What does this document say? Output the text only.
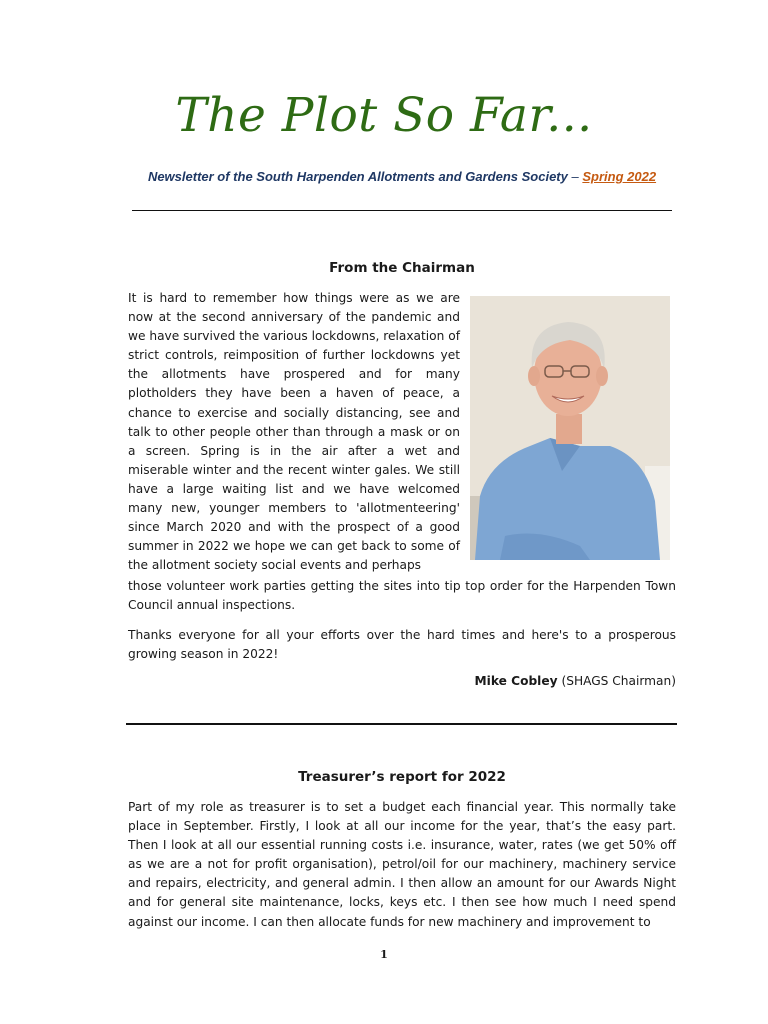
The Plot So Far...
Newsletter of the South Harpenden Allotments and Gardens Society – Spring 2022
From the Chairman

It is hard to remember how things were as we are now at the second anniversary of the pandemic and we have survived the various lockdowns, relaxation of strict controls, reimposition of further lockdowns yet the allotments have prospered and for many plotholders they have been a haven of peace, a chance to exercise and socially distancing, see and talk to other people other than through a mask or on a screen. Spring is in the air after a wet and miserable winter and the recent winter gales. We still have a large waiting list and we have welcomed many new, younger members to 'allotmenteering' since March 2020 and with the prospect of a good summer in 2022 we hope we can get back to some of the allotment society social events and perhaps

those volunteer work parties getting the sites into tip top order for the Harpenden Town Council annual inspections.

Thanks everyone for all your efforts over the hard times and here's to a prosperous growing season in 2022!

Mike Cobley (SHAGS Chairman)
Treasurer’s report for 2022

Part of my role as treasurer is to set a budget each financial year. This normally take place in September. Firstly, I look at all our income for the year, that’s the easy part. Then I look at all our essential running costs i.e. insurance, water, rates (we get 50% off as we are a not for profit organisation), petrol/oil for our machinery, machinery service and repairs, electricity, and general admin. I then allow an amount for our Awards Night and for general site maintenance, locks, keys etc. I then see how much I need spend against our income. I can then allocate funds for new machinery and improvement to

1
